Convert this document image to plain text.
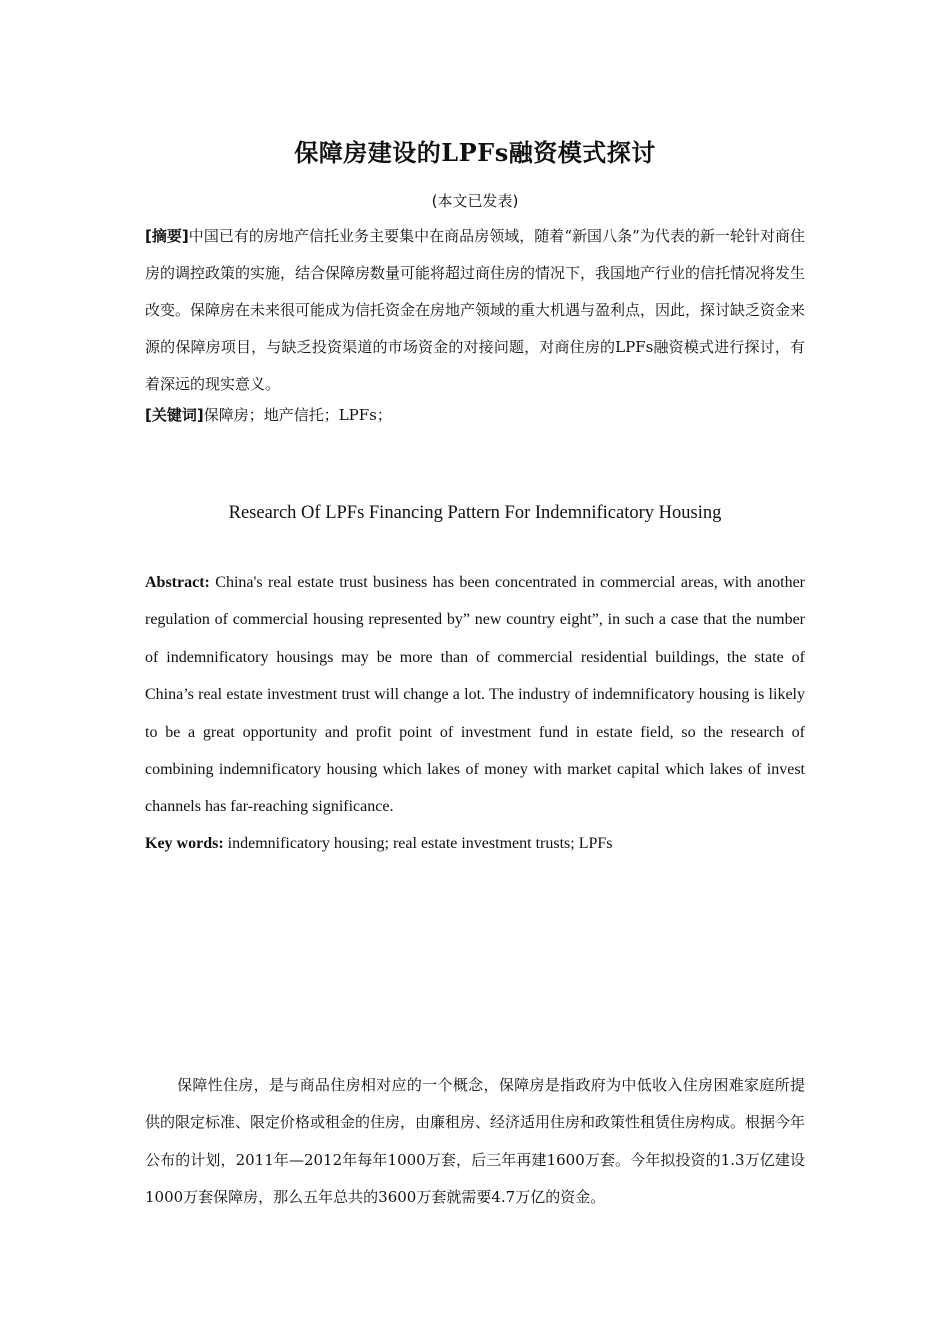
保障房建设的LPFs融资模式探讨
(本文已发表)
[摘要]中国已有的房地产信托业务主要集中在商品房领域，随着“新国八条”为代表的新一轮针对商住房的调控政策的实施，结合保障房数量可能将超过商住房的情况下，我国地产行业的信托情况将发生改变。保障房在未来很可能成为信托资金在房地产领域的重大机遇与盈利点，因此，探讨缺乏资金来源的保障房项目，与缺乏投资渠道的市场资金的对接问题，对商住房的LPFs融资模式进行探讨，有着深远的现实意义。
[关键词]保障房；地产信托；LPFs；
Research Of LPFs Financing Pattern For Indemnificatory Housing
Abstract: China's real estate trust business has been concentrated in commercial areas, with another regulation of commercial housing represented by” new country eight”, in such a case that the number of indemnificatory housings may be more than of commercial residential buildings, the state of China’s real estate investment trust will change a lot. The industry of indemnificatory housing is likely to be a great opportunity and profit point of investment fund in estate field, so the research of combining indemnificatory housing which lakes of money with market capital which lakes of invest channels has far-reaching significance.
Key words: indemnificatory housing; real estate investment trusts; LPFs
保障性住房，是与商品住房相对应的一个概念，保障房是指政府为中低收入住房困难家庭所提供的限定标准、限定价格或租金的住房，由廉租房、经济适用住房和政策性租赁住房构成。根据今年公布的计划，2011年—2012年每年1000万套，后三年再建1600万套。今年拟投资的1.3万亿建设1000万套保障房，那么五年总共的3600万套就需要4.7万亿的资金。
